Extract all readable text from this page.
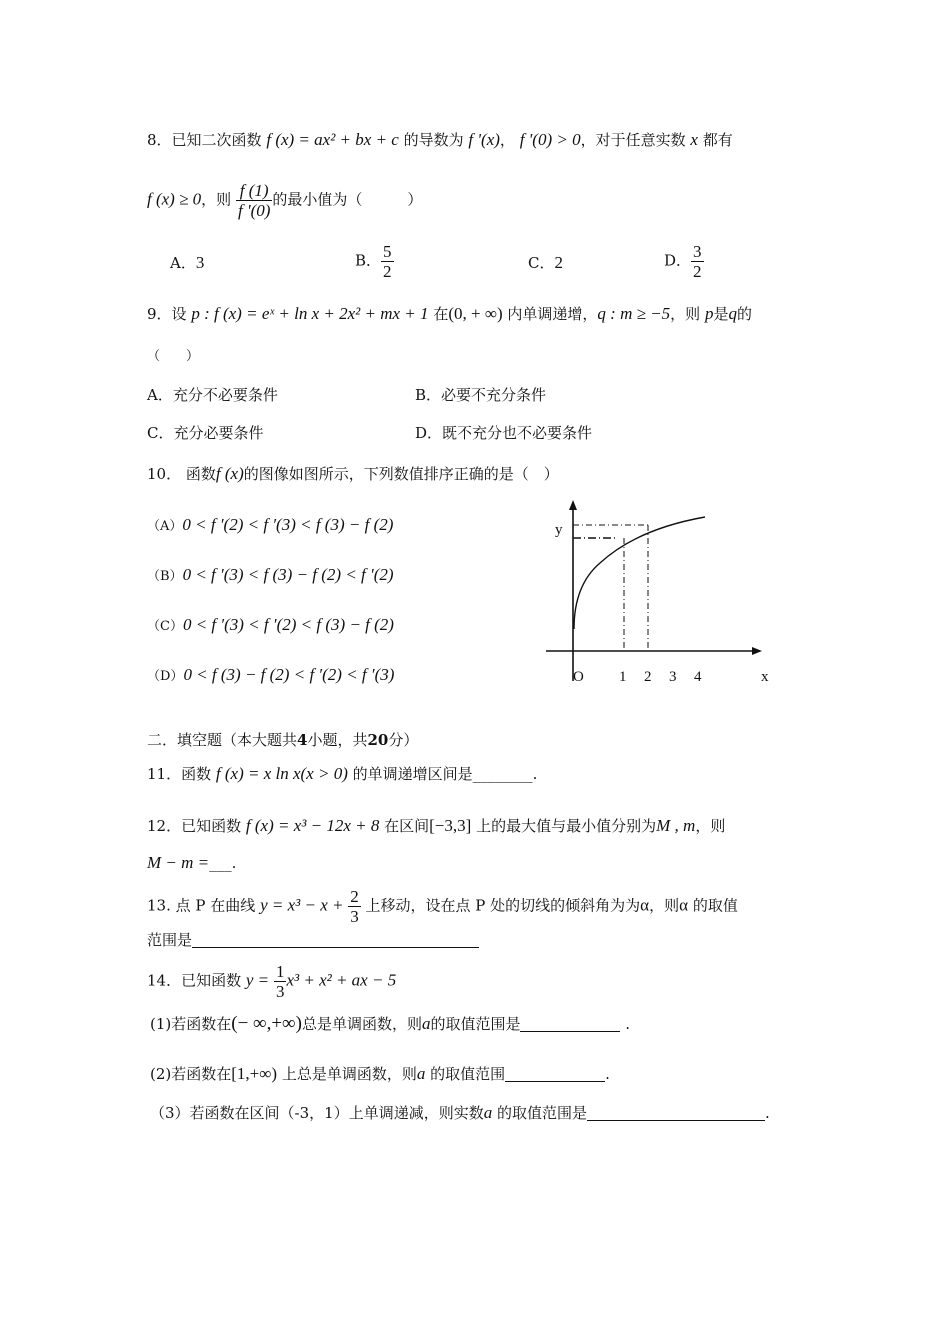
8．已知二次函数 f (x) = ax² + bx + c 的导数为 f '(x)， f '(0) > 0，对于任意实数 x 都有
f (x) ≥ 0，则 $\frac{f (1)}{f '(0)}$ 的最小值为（　　　）
A．3	B． $\frac{5}{2}$	C．2	D． $\frac{3}{2}$
9．设 p : f (x) = eˣ + ln x + 2x² + mx + 1 在(0, + ∞) 内单调递增，q : m ≥ −5，则 p是q的
（　　）
A．充分不必要条件	B．必要不充分条件
C．充分必要条件	D．既不充分也不必要条件
10． 函数f (x)的图像如图所示，下列数值排序正确的是（　）
（A）0 < f ′(2) < f ′(3) < f (3) − f (2)
（B）0 < f ′(3) < f (3) − f (2) < f ′(2)
（C）0 < f ′(3) < f ′(2) < f (3) − f (2)
（D）0 < f (3) − f (2) < f ′(2) < f ′(3)
y
O 1 2 3 4	x
二．填空题（本大题共4小题，共20分）
11．函数 f (x) = x ln x(x > 0) 的单调递增区间是________.
12．已知函数 f (x) = x³ − 12x + 8 在区间[−3,3] 上的最大值与最小值分别为M , m，则
M − m =___.
13. 点 P 在曲线 $y = x^3 - x + \frac{2}{3}$ 上移动，设在点 P 处的切线的倾斜角为为α，则α 的取值
范围是
14．已知函数 $y = \frac{1}{3} x^3 + x^2$ + ax − 5
(1)若函数在(− ∞,+∞)总是单调函数，则a的取值范围是	.
(2)若函数在[1,+∞) 上总是单调函数，则a 的取值范围	.
（3）若函数在区间（-3，1）上单调递减，则实数a 的取值范围是	.
